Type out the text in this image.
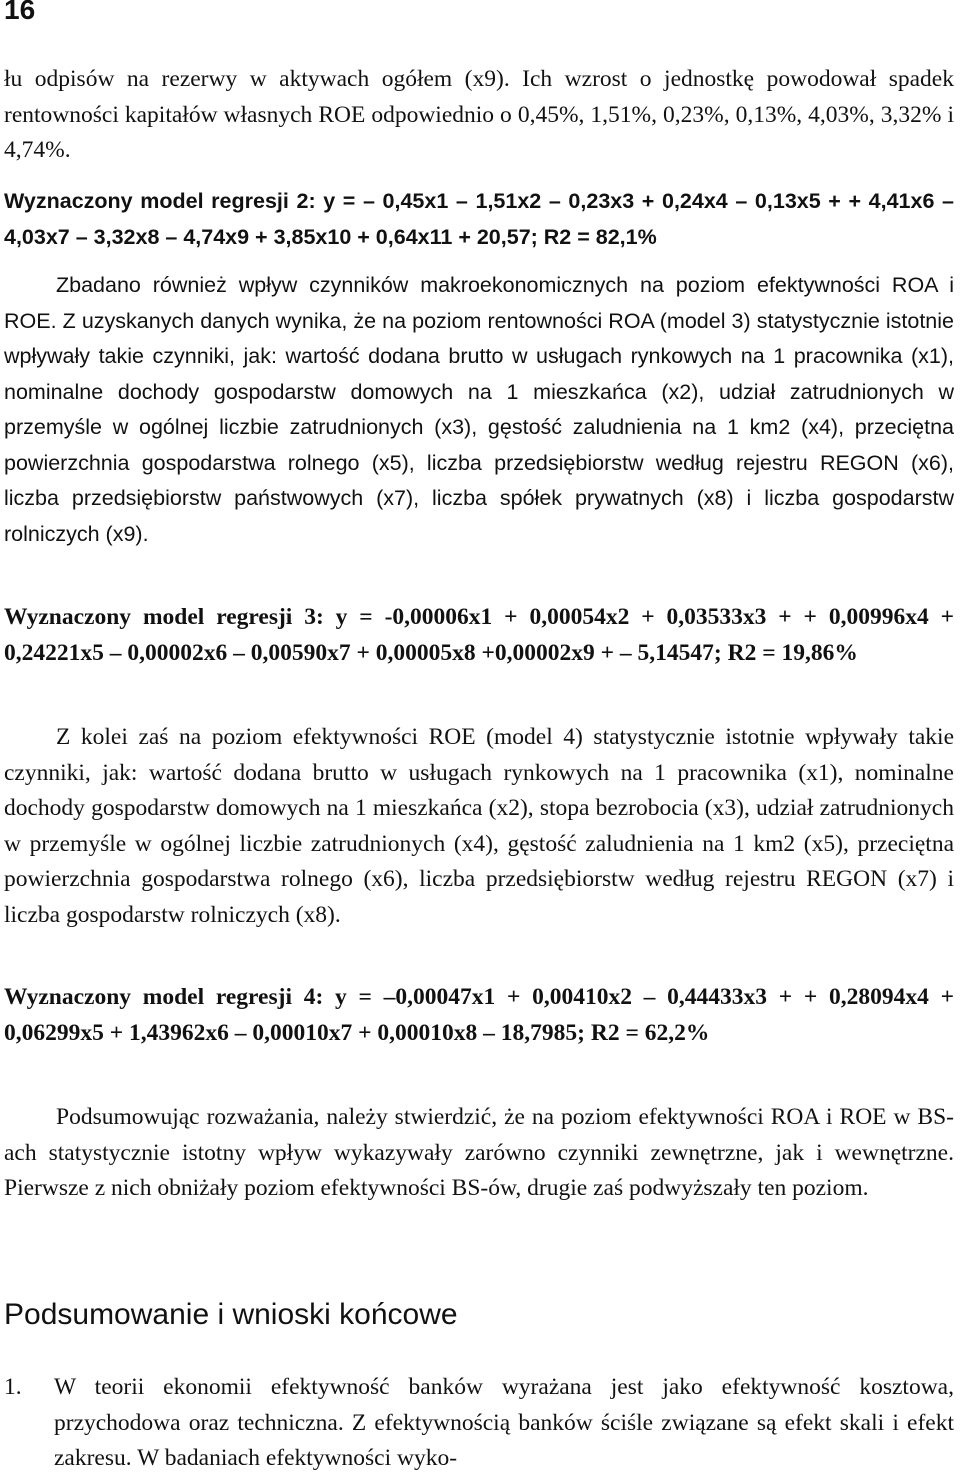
16

łu odpisów na rezerwy w aktywach ogółem (x9). Ich wzrost o jednostkę powodował spadek rentowności kapitałów własnych ROE odpowiednio o 0,45%, 1,51%, 0,23%, 0,13%, 4,03%, 3,32% i 4,74%.

Wyznaczony model regresji 2: y = – 0,45x1 – 1,51x2 – 0,23x3 + 0,24x4 – 0,13x5 + + 4,41x6 – 4,03x7 – 3,32x8 – 4,74x9 + 3,85x10 + 0,64x11 + 20,57; R2 = 82,1%

Zbadano również wpływ czynników makroekonomicznych na poziom efektywności ROA i ROE. Z uzyskanych danych wynika, że na poziom rentowności ROA (model 3) statystycznie istotnie wpływały takie czynniki, jak: wartość dodana brutto w usługach rynkowych na 1 pracownika (x1), nominalne dochody gospodarstw domowych na 1 mieszkańca (x2), udział zatrudnionych w przemyśle w ogólnej liczbie zatrudnionych (x3), gęstość zaludnienia na 1 km2 (x4), przeciętna powierzchnia gospodarstwa rolnego (x5), liczba przedsiębiorstw według rejestru REGON (x6), liczba przedsiębiorstw państwowych (x7), liczba spółek prywatnych (x8) i liczba gospodarstw rolniczych (x9).

Wyznaczony model regresji 3: y = -0,00006x1 + 0,00054x2 + 0,03533x3 + + 0,00996x4 + 0,24221x5 – 0,00002x6 – 0,00590x7 + 0,00005x8 +0,00002x9 + – 5,14547; R2 = 19,86%

Z kolei zaś na poziom efektywności ROE (model 4) statystycznie istotnie wpływały takie czynniki, jak: wartość dodana brutto w usługach rynkowych na 1 pracownika (x1), nominalne dochody gospodarstw domowych na 1 mieszkańca (x2), stopa bezrobocia (x3), udział zatrudnionych w przemyśle w ogólnej liczbie zatrudnionych (x4), gęstość zaludnienia na 1 km2 (x5), przeciętna powierzchnia gospodarstwa rolnego (x6), liczba przedsiębiorstw według rejestru REGON (x7) i liczba gospodarstw rolniczych (x8).

Wyznaczony model regresji 4: y = –0,00047x1 + 0,00410x2 – 0,44433x3 + + 0,28094x4 + 0,06299x5 + 1,43962x6 – 0,00010x7 + 0,00010x8 – 18,7985; R2 = 62,2%

Podsumowując rozważania, należy stwierdzić, że na poziom efektywności ROA i ROE w BS-ach statystycznie istotny wpływ wykazywały zarówno czynniki zewnętrzne, jak i wewnętrzne. Pierwsze z nich obniżały poziom efektywności BS-ów, drugie zaś podwyższały ten poziom.

Podsumowanie i wnioski końcowe
1. W teorii ekonomii efektywność banków wyrażana jest jako efektywność kosztowa, przychodowa oraz techniczna. Z efektywnością banków ściśle związane są efekt skali i efekt zakresu. W badaniach efektywności wyko-
